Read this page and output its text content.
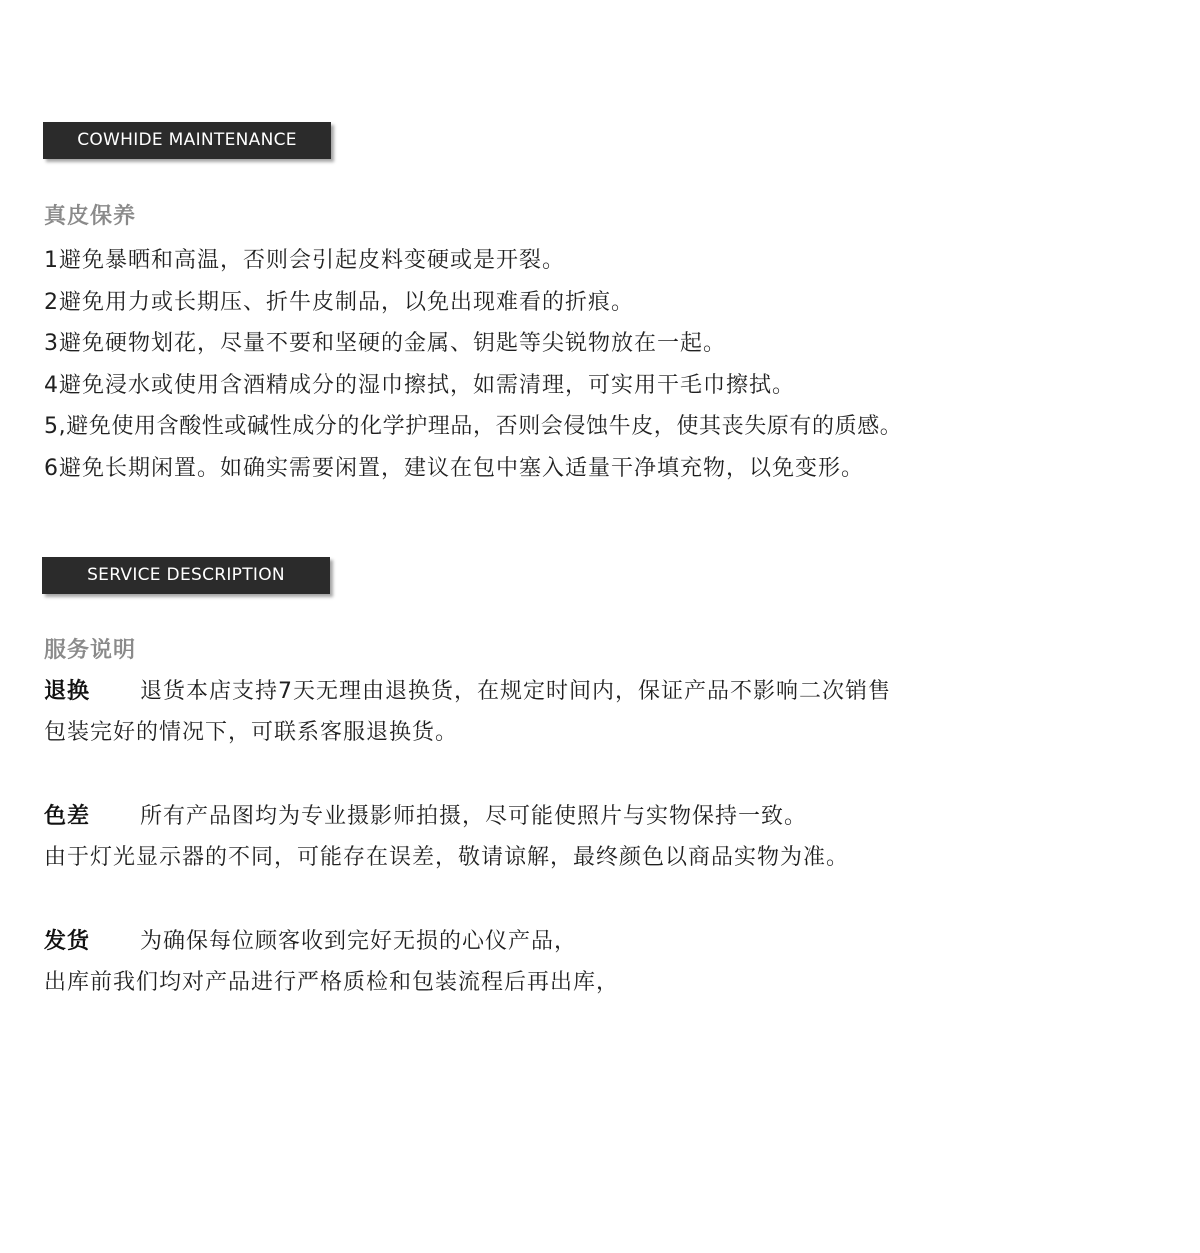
COWHIDE MAINTENANCE
真皮保养
1避免暴晒和高温，否则会引起皮料变硬或是开裂。
2避免用力或长期压、折牛皮制品，以免出现难看的折痕。
3避免硬物划花，尽量不要和坚硬的金属、钥匙等尖锐物放在一起。
4避免浸水或使用含酒精成分的湿巾擦拭，如需清理，可实用干毛巾擦拭。
5,避免使用含酸性或碱性成分的化学护理品，否则会侵蚀牛皮，使其丧失原有的质感。
6避免长期闲置。如确实需要闲置，建议在包中塞入适量干净填充物，以免变形。
SERVICE DESCRIPTION
服务说明
退换 退货本店支持7天无理由退换货，在规定时间内，保证产品不影响二次销售
包装完好的情况下，可联系客服退换货。
色差 所有产品图均为专业摄影师拍摄，尽可能使照片与实物保持一致。
由于灯光显示器的不同，可能存在误差，敬请谅解，最终颜色以商品实物为准。
发货 为确保每位顾客收到完好无损的心仪产品，
出库前我们均对产品进行严格质检和包装流程后再出库，
